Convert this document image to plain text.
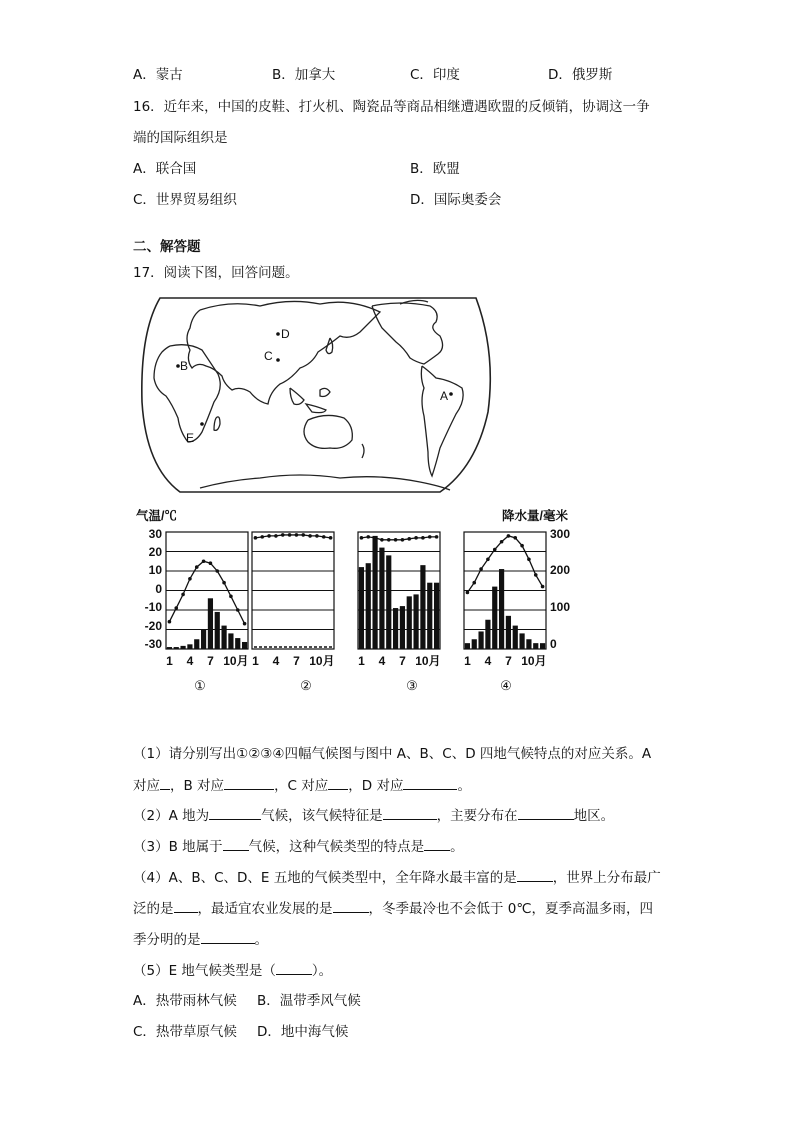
A．蒙古	B．加拿大	C．印度	D．俄罗斯
16．近年来，中国的皮鞋、打火机、陶瓷品等商品相继遭遇欧盟的反倾销，协调这一争
端的国际组织是
A．联合国	B．欧盟
C．世界贸易组织	D．国际奥委会
二、解答题
17．阅读下图，回答问题。
A
B
C
D
E
气温/℃	降水量/毫米
30
20
10
0
-10
-20
-30
300
200
100
0
1 4 7 10月 1 4 7 10月 1 4 7 10月 1 4 7 10月
①	②	③	④
（1）请分别写出①②③④四幅气候图与图中 A、B、C、D 四地气候特点的对应关系。A
对应 ，B 对应	，C 对应 ，D 对应	。
（2）A 地为	气候，该气候特征是	，主要分布在	地区。
（3）B 地属于 气候，这种气候类型的特点是 。
（4）A、B、C、D、E 五地的气候类型中，全年降水最丰富的是	，世界上分布最广
泛的是 ，最适宜农业发展的是	，冬季最冷也不会低于 0℃，夏季高温多雨，四
季分明的是	。
（5）E 地气候类型是（	）。
A．热带雨林气候 B．温带季风气候
C．热带草原气候 D．地中海气候
